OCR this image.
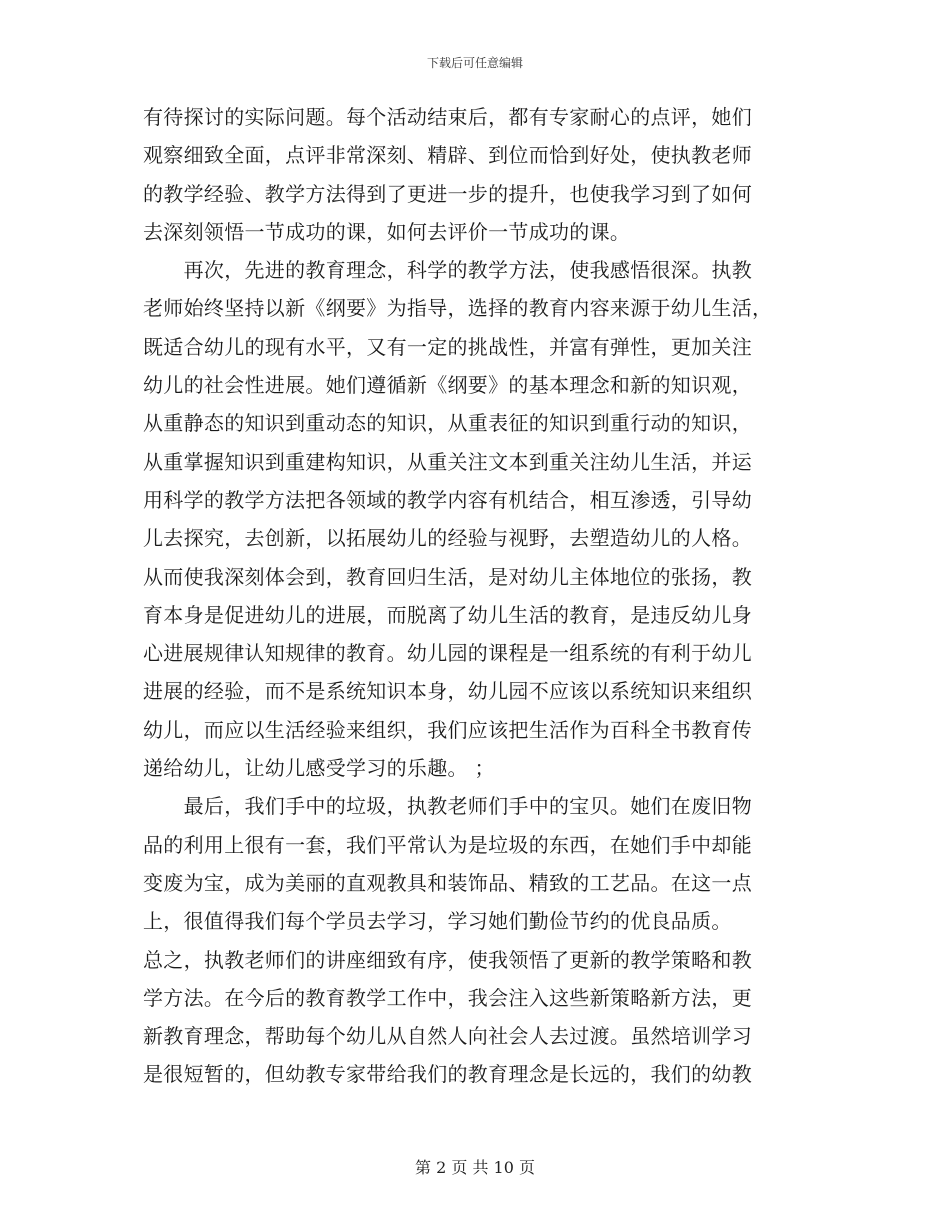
下载后可任意编辑
有待探讨的实际问题。每个活动结束后，都有专家耐心的点评，她们
观察细致全面，点评非常深刻、精辟、到位而恰到好处，使执教老师
的教学经验、教学方法得到了更进一步的提升，也使我学习到了如何
去深刻领悟一节成功的课，如何去评价一节成功的课。
　　再次，先进的教育理念，科学的教学方法，使我感悟很深。执教
老师始终坚持以新《纲要》为指导，选择的教育内容来源于幼儿生活，
既适合幼儿的现有水平，又有一定的挑战性，并富有弹性，更加关注
幼儿的社会性进展。她们遵循新《纲要》的基本理念和新的知识观，
从重静态的知识到重动态的知识，从重表征的知识到重行动的知识，
从重掌握知识到重建构知识，从重关注文本到重关注幼儿生活，并运
用科学的教学方法把各领域的教学内容有机结合，相互渗透，引导幼
儿去探究，去创新，以拓展幼儿的经验与视野，去塑造幼儿的人格。
从而使我深刻体会到，教育回归生活，是对幼儿主体地位的张扬，教
育本身是促进幼儿的进展，而脱离了幼儿生活的教育，是违反幼儿身
心进展规律认知规律的教育。幼儿园的课程是一组系统的有利于幼儿
进展的经验，而不是系统知识本身，幼儿园不应该以系统知识来组织
幼儿，而应以生活经验来组织，我们应该把生活作为百科全书教育传
递给幼儿，让幼儿感受学习的乐趣。 ；
　　最后，我们手中的垃圾，执教老师们手中的宝贝。她们在废旧物
品的利用上很有一套，我们平常认为是垃圾的东西，在她们手中却能
变废为宝，成为美丽的直观教具和装饰品、精致的工艺品。在这一点
上，很值得我们每个学员去学习，学习她们勤俭节约的优良品质。
总之，执教老师们的讲座细致有序，使我领悟了更新的教学策略和教
学方法。在今后的教育教学工作中，我会注入这些新策略新方法，更
新教育理念，帮助每个幼儿从自然人向社会人去过渡。虽然培训学习
是很短暂的，但幼教专家带给我们的教育理念是长远的，我们的幼教
第 2 页 共 10 页
